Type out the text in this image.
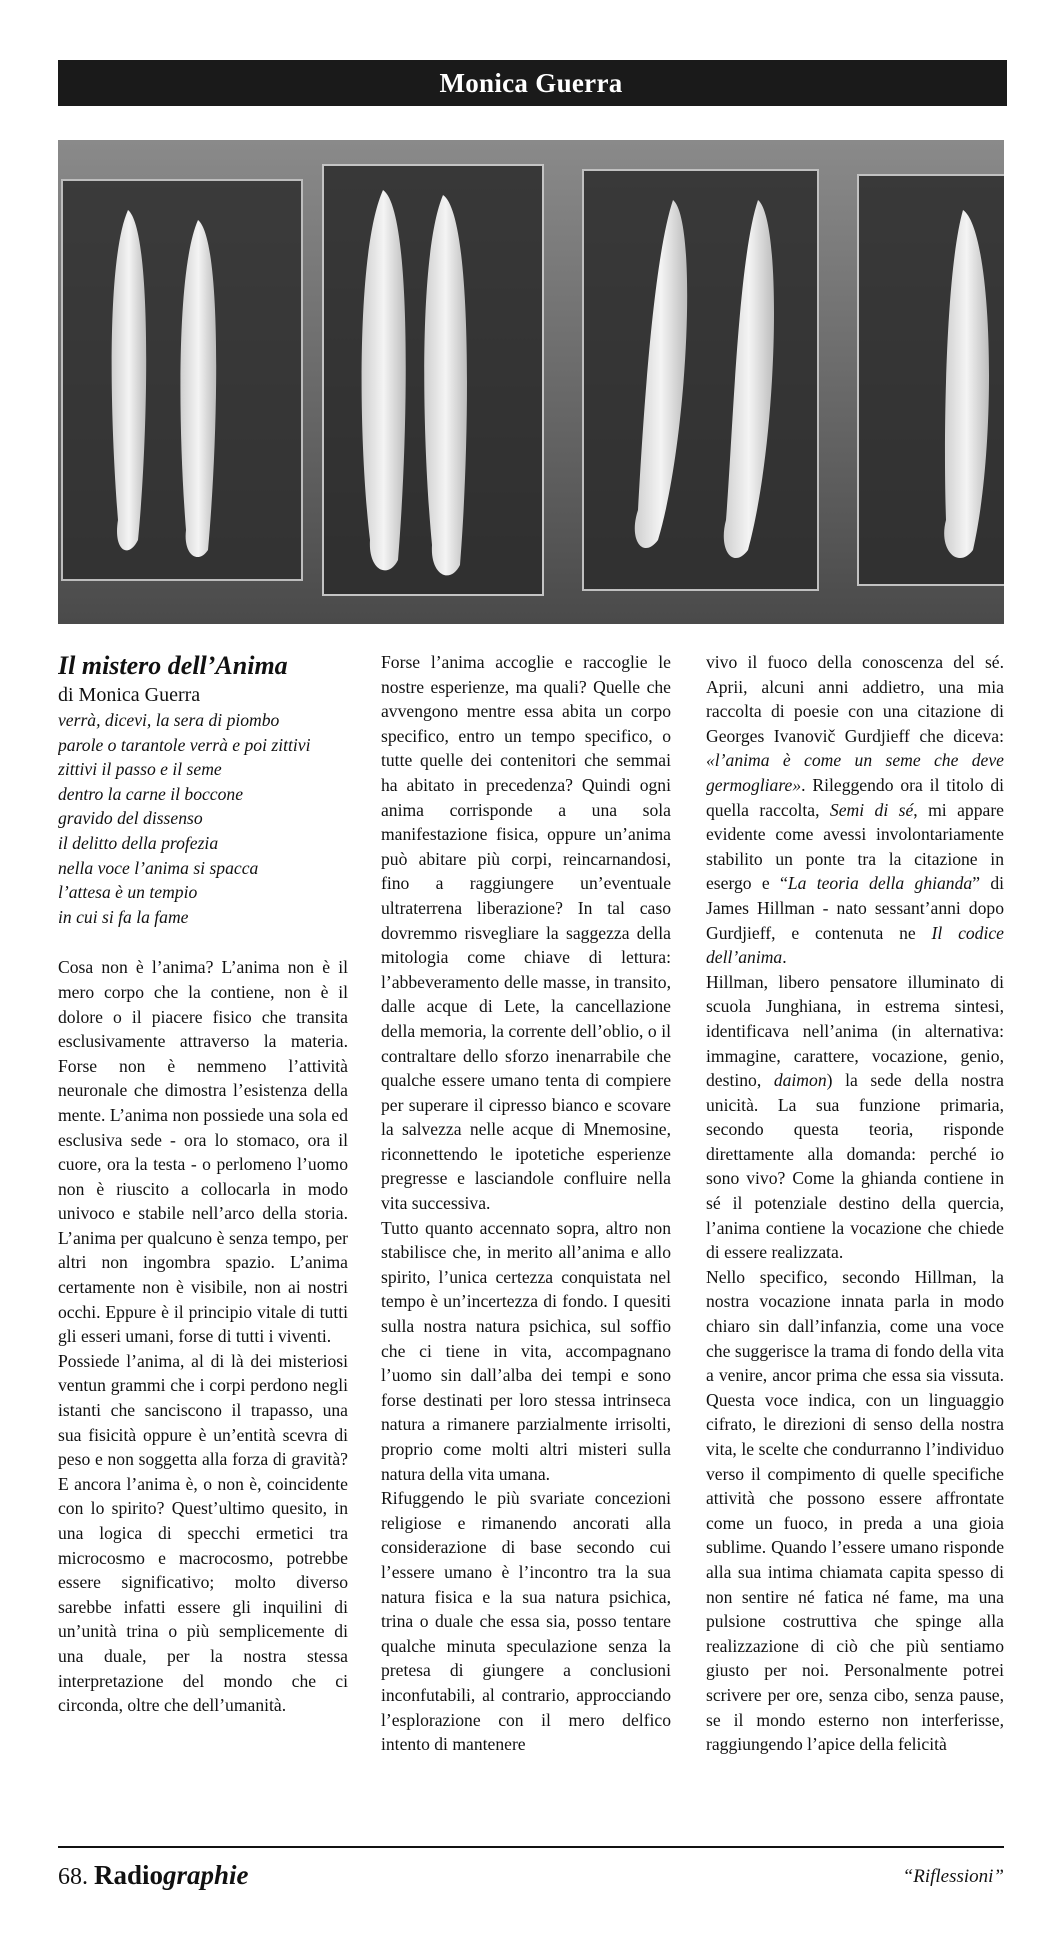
Monica Guerra
Il mistero dell’Anima

di Monica Guerra

verrà, dicevi, la sera di piombo
parole o tarantole verrà e poi zittivi
zittivi il passo e il seme
dentro la carne il boccone
gravido del dissenso
il delitto della profezia
nella voce l’anima si spacca
l’attesa è un tempio
in cui si fa la fame

Cosa non è l’anima? L’anima non è il mero corpo che la contiene, non è il dolore o il piacere fisico che transita esclusivamente attraverso la materia. Forse non è nemmeno l’attività neuronale che dimostra l’esistenza della mente. L’anima non possiede una sola ed esclusiva sede - ora lo stomaco, ora il cuore, ora la testa - o perlomeno l’uomo non è riuscito a collocarla in modo univoco e stabile nell’arco della storia. L’anima per qualcuno è senza tempo, per altri non ingombra spazio. L’anima certamente non è visibile, non ai nostri occhi. Eppure è il principio vitale di tutti gli esseri umani, forse di tutti i viventi.

Possiede l’anima, al di là dei misteriosi ventun grammi che i corpi perdono negli istanti che sanciscono il trapasso, una sua fisicità oppure è un’entità scevra di peso e non soggetta alla forza di gravità? E ancora l’anima è, o non è, coincidente con lo spirito? Quest’ultimo quesito, in una logica di specchi ermetici tra microcosmo e macrocosmo, potrebbe essere significativo; molto diverso sarebbe infatti essere gli inquilini di un’unità trina o più semplicemente di una duale, per la nostra stessa interpretazione del mondo che ci circonda, oltre che dell’umanità.

Forse l’anima accoglie e raccoglie le nostre esperienze, ma quali? Quelle che avvengono mentre essa abita un corpo specifico, entro un tempo specifico, o tutte quelle dei contenitori che semmai ha abitato in precedenza? Quindi ogni anima corrisponde a una sola manifestazione fisica, oppure un’anima può abitare più corpi, reincarnandosi, fino a raggiungere un’eventuale ultraterrena liberazione? In tal caso dovremmo risvegliare la saggezza della mitologia come chiave di lettura: l’abbeveramento delle masse, in transito, dalle acque di Lete, la cancellazione della memoria, la corrente dell’oblio, o il contraltare dello sforzo inenarrabile che qualche essere umano tenta di compiere per superare il cipresso bianco e scovare la salvezza nelle acque di Mnemosine, riconnettendo le ipotetiche esperienze pregresse e lasciandole confluire nella vita successiva.

Tutto quanto accennato sopra, altro non stabilisce che, in merito all’anima e allo spirito, l’unica certezza conquistata nel tempo è un’incertezza di fondo. I quesiti sulla nostra natura psichica, sul soffio che ci tiene in vita, accompagnano l’uomo sin dall’alba dei tempi e sono forse destinati per loro stessa intrinseca natura a rimanere parzialmente irrisolti, proprio come molti altri misteri sulla natura della vita umana.

Rifuggendo le più svariate concezioni religiose e rimanendo ancorati alla considerazione di base secondo cui l’essere umano è l’incontro tra la sua natura fisica e la sua natura psichica, trina o duale che essa sia, posso tentare qualche minuta speculazione senza la pretesa di giungere a conclusioni inconfutabili, al contrario, approcciando l’esplorazione con il mero delfico intento di mantenere

vivo il fuoco della conoscenza del sé. Aprii, alcuni anni addietro, una mia raccolta di poesie con una citazione di Georges Ivanovič Gurdjieff che diceva: «l’anima è come un seme che deve germogliare». Rileggendo ora il titolo di quella raccolta, Semi di sé, mi appare evidente come avessi involontariamente stabilito un ponte tra la citazione in esergo e “La teoria della ghianda” di James Hillman - nato sessant’anni dopo Gurdjieff, e contenuta ne Il codice dell’anima.

Hillman, libero pensatore illuminato di scuola Junghiana, in estrema sintesi, identificava nell’anima (in alternativa: immagine, carattere, vocazione, genio, destino, daimon) la sede della nostra unicità. La sua funzione primaria, secondo questa teoria, risponde direttamente alla domanda: perché io sono vivo? Come la ghianda contiene in sé il potenziale destino della quercia, l’anima contiene la vocazione che chiede di essere realizzata.

Nello specifico, secondo Hillman, la nostra vocazione innata parla in modo chiaro sin dall’infanzia, come una voce che suggerisce la trama di fondo della vita a venire, ancor prima che essa sia vissuta. Questa voce indica, con un linguaggio cifrato, le direzioni di senso della nostra vita, le scelte che condurranno l’individuo verso il compimento di quelle specifiche attività che possono essere affrontate come un fuoco, in preda a una gioia sublime. Quando l’essere umano risponde alla sua intima chiamata capita spesso di non sentire né fatica né fame, ma una pulsione costruttiva che spinge alla realizzazione di ciò che più sentiamo giusto per noi. Personalmente potrei scrivere per ore, senza cibo, senza pause, se il mondo esterno non interferisse, raggiungendo l’apice della felicità

68. Radiographie	“Riflessioni”
